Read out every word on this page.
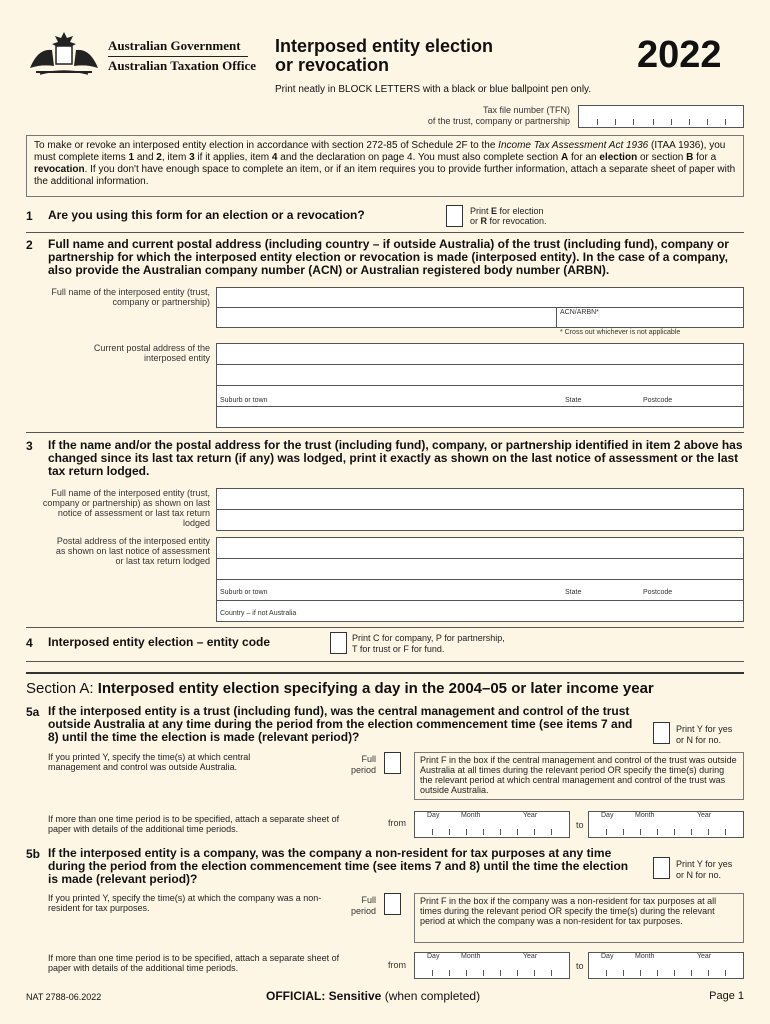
Australian Government
Australian Taxation Office
Interposed entity election
or revocation	2022
Print neatly in BLOCK LETTERS with a black or blue ballpoint pen only.
Tax file number (TFN)
of the trust, company or partnership
To make or revoke an interposed entity election in accordance with section 272-85 of Schedule 2F to the Income Tax Assessment Act 1936 (ITAA 1936), you must complete items 1 and 2, item 3 if it applies, item 4 and the declaration on page 4. You must also complete section A for an election or section B for a revocation. If you don't have enough space to complete an item, or if an item requires you to provide further information, attach a separate sheet of paper with the additional information.
1 Are you using this form for an election or a revocation?	Print E for election
or R for revocation.
2 Full name and current postal address (including country – if outside Australia) of the trust (including fund), company or partnership for which the interposed entity election or revocation is made (interposed entity). In the case of a company, also provide the Australian company number (ACN) or Australian registered body number (ARBN).
Full name of the interposed entity (trust, company or partnership)
ACN/ARBN*
* Cross out whichever is not applicable
Current postal address of the interposed entity
Suburb or town	State	Postcode
3 If the name and/or the postal address for the trust (including fund), company, or partnership identified in item 2 above has changed since its last tax return (if any) was lodged, print it exactly as shown on the last notice of assessment or the last tax return lodged.
Full name of the interposed entity (trust, company or partnership) as shown on last notice of assessment or last tax return lodged
Postal address of the interposed entity as shown on last notice of assessment or last tax return lodged
Suburb or town	State	Postcode
Country – if not Australia
4 Interposed entity election – entity code	Print C for company, P for partnership,
T for trust or F for fund.
Section A: Interposed entity election specifying a day in the 2004–05 or later income year
5a If the interposed entity is a trust (including fund), was the central management and control of the trust outside Australia at any time during the period from the election commencement time (see items 7 and 8) until the time the election is made (relevant period)?
Print Y for yes
or N for no.
If you printed Y, specify the time(s) at which central management and control was outside Australia.
Full
period
Print F in the box if the central management and control of the trust was outside Australia at all times during the relevant period OR specify the time(s) during the relevant period at which central management and control of the trust was outside Australia.
If more than one time period is to be specified, attach a separate sheet of paper with details of the additional time periods.
from
Day	Month	Year
to
Day	Month	Year
5b If the interposed entity is a company, was the company a non-resident for tax purposes at any time during the period from the election commencement time (see items 7 and 8) until the time the election is made (relevant period)?
Print Y for yes
or N for no.
If you printed Y, specify the time(s) at which the company was a non-resident for tax purposes.
Full
period
Print F in the box if the company was a non-resident for tax purposes at all times during the relevant period OR specify the time(s) during the relevant period at which the company was a non-resident for tax purposes.
If more than one time period is to be specified, attach a separate sheet of paper with details of the additional time periods.	from
Day	Month	Year
to
Day	Month	Year
NAT 2788-06.2022	OFFICIAL: Sensitive (when completed)	Page 1
